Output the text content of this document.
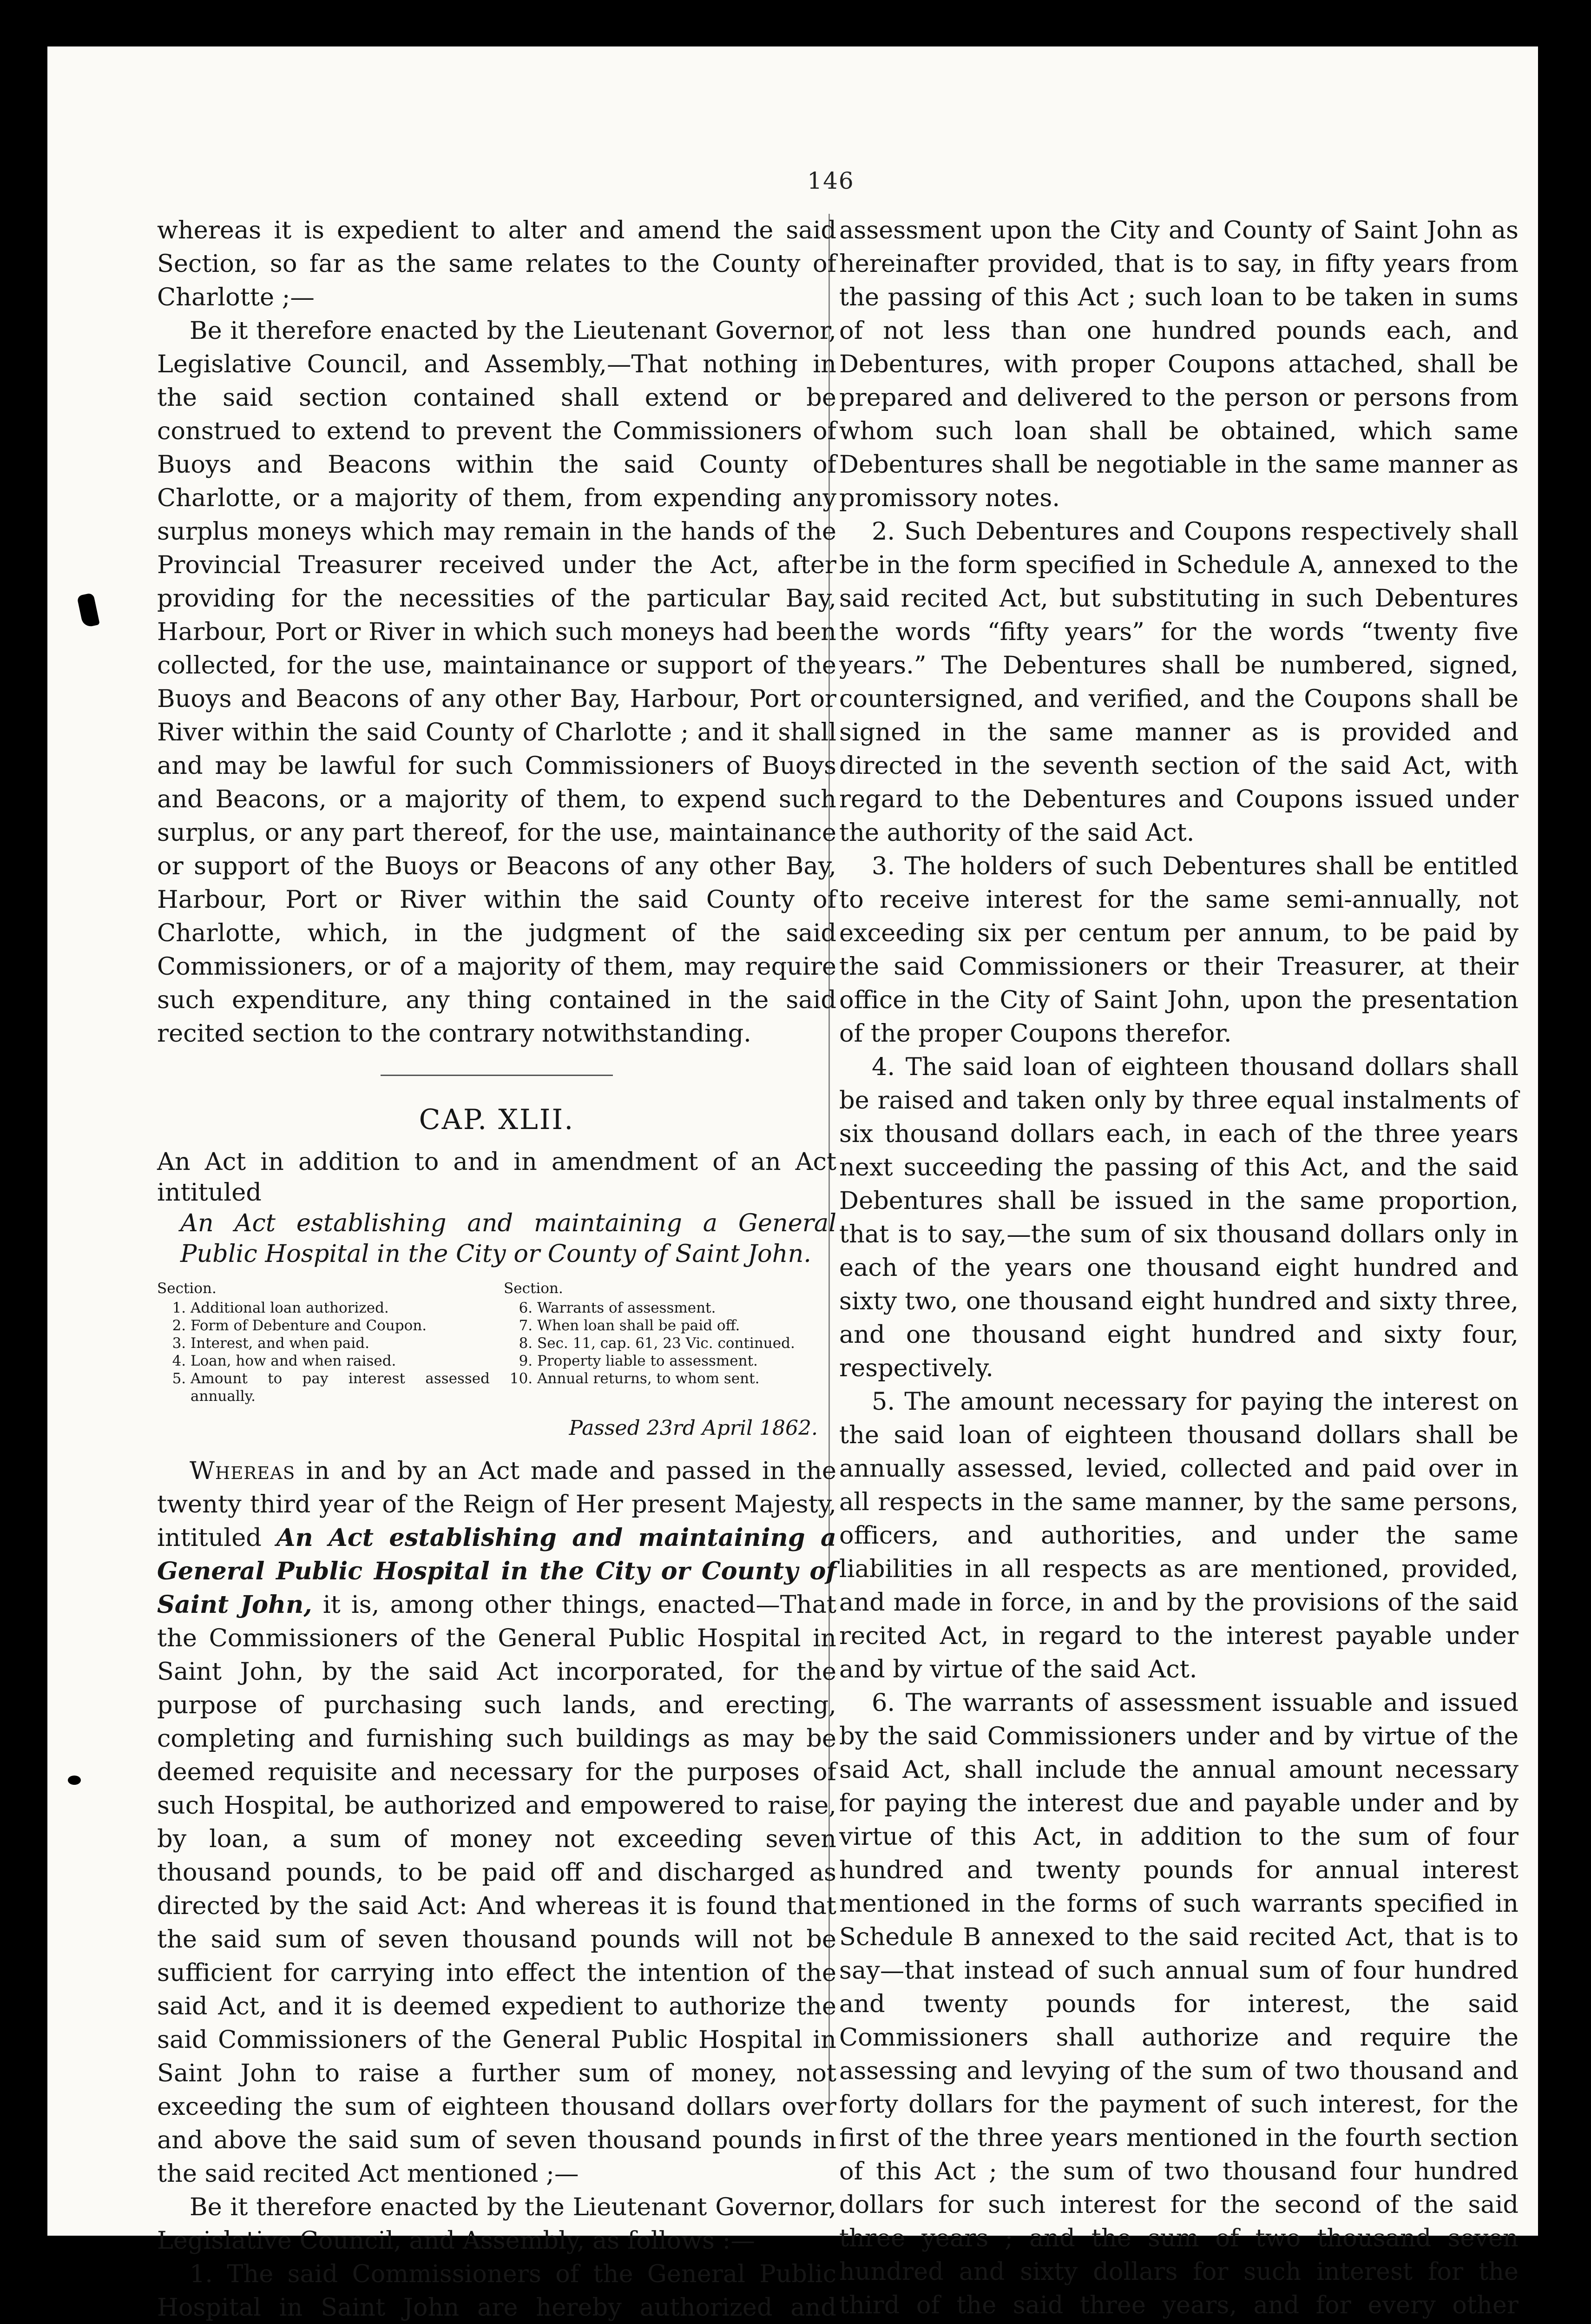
146

whereas it is expedient to alter and amend the said Section, so far as the same relates to the County of Charlotte ;—

Be it therefore enacted by the Lieutenant Governor, Legislative Council, and Assembly,—That nothing in the said section contained shall extend or be construed to extend to prevent the Commissioners of Buoys and Beacons within the said County of Charlotte, or a majority of them, from expending any surplus moneys which may remain in the hands of the Provincial Treasurer received under the Act, after providing for the necessities of the particular Bay, Harbour, Port or River in which such moneys had been collected, for the use, maintainance or support of the Buoys and Beacons of any other Bay, Harbour, Port or River within the said County of Charlotte ; and it shall and may be lawful for such Commissioners of Buoys and Beacons, or a majority of them, to expend such surplus, or any part thereof, for the use, maintainance or support of the Buoys or Beacons of any other Bay, Harbour, Port or River within the said County of Charlotte, which, in the judgment of the said Commissioners, or of a majority of them, may require such expenditure, any thing contained in the said recited section to the contrary notwithstanding.

CAP. XLII.

An Act in addition to and in amendment of an Act intituled
An Act establishing and maintaining a General Public Hospital in the City or County of Saint John.

Section.
1. Additional loan authorized.
2. Form of Debenture and Coupon.
3. Interest, and when paid.
4. Loan, how and when raised.
5. Amount to pay interest assessed annually.
Section.
6. Warrants of assessment.
7. When loan shall be paid off.
8. Sec. 11, cap. 61, 23 Vic. continued.
9. Property liable to assessment.
10. Annual returns, to whom sent.
Passed 23rd April 1862.

Whereas in and by an Act made and passed in the twenty third year of the Reign of Her present Majesty, intituled An Act establishing and maintaining a General Public Hospital in the City or County of Saint John, it is, among other things, enacted—That the Commissioners of the General Public Hospital in Saint John, by the said Act incorporated, for the purpose of purchasing such lands, and erecting, completing and furnishing such buildings as may be deemed requisite and necessary for the purposes of such Hospital, be authorized and empowered to raise, by loan, a sum of money not exceeding seven thousand pounds, to be paid off and discharged as directed by the said Act: And whereas it is found that the said sum of seven thousand pounds will not be sufficient for carrying into effect the intention of the said Act, and it is deemed expedient to authorize the said Commissioners of the General Public Hospital in Saint John to raise a further sum of money, not exceeding the sum of eighteen thousand dollars over and above the said sum of seven thousand pounds in the said recited Act mentioned ;—

Be it therefore enacted by the Lieutenant Governor, Legislative Council, and Assembly, as follows :—

1. The said Commissioners of the General Public Hospital in Saint John are hereby authorized and

assessment upon the City and County of Saint John as hereinafter provided, that is to say, in fifty years from the passing of this Act ; such loan to be taken in sums of not less than one hundred pounds each, and Debentures, with proper Coupons attached, shall be prepared and delivered to the person or persons from whom such loan shall be obtained, which same Debentures shall be negotiable in the same manner as promissory notes.

2. Such Debentures and Coupons respectively shall be in the form specified in Schedule A, annexed to the said recited Act, but substituting in such Debentures the words “fifty years” for the words “twenty five years.” The Debentures shall be numbered, signed, countersigned, and verified, and the Coupons shall be signed in the same manner as is provided and directed in the seventh section of the said Act, with regard to the Debentures and Coupons issued under the authority of the said Act.

3. The holders of such Debentures shall be entitled to receive interest for the same semi-annually, not exceeding six per centum per annum, to be paid by the said Commissioners or their Treasurer, at their office in the City of Saint John, upon the presentation of the proper Coupons therefor.

4. The said loan of eighteen thousand dollars shall be raised and taken only by three equal instalments of six thousand dollars each, in each of the three years next succeeding the passing of this Act, and the said Debentures shall be issued in the same proportion, that is to say,—the sum of six thousand dollars only in each of the years one thousand eight hundred and sixty two, one thousand eight hundred and sixty three, and one thousand eight hundred and sixty four, respectively.

5. The amount necessary for paying the interest on the said loan of eighteen thousand dollars shall be annually assessed, levied, collected and paid over in all respects in the same manner, by the same persons, officers, and authorities, and under the same liabilities in all respects as are mentioned, provided, and made in force, in and by the provisions of the said recited Act, in regard to the interest payable under and by virtue of the said Act.

6. The warrants of assessment issuable and issued by the said Commissioners under and by virtue of the said Act, shall include the annual amount necessary for paying the interest due and payable under and by virtue of this Act, in addition to the sum of four hundred and twenty pounds for annual interest mentioned in the forms of such warrants specified in Schedule B annexed to the said recited Act, that is to say—that instead of such annual sum of four hundred and twenty pounds for interest, the said Commissioners shall authorize and require the assessing and levying of the sum of two thousand and forty dollars for the payment of such interest, for the first of the three years mentioned in the fourth section of this Act ; the sum of two thousand four hundred dollars for such interest for the second of the said three years ; and the sum of two thousand seven hundred and sixty dollars for such interest for the third of the said three years, and for every other
